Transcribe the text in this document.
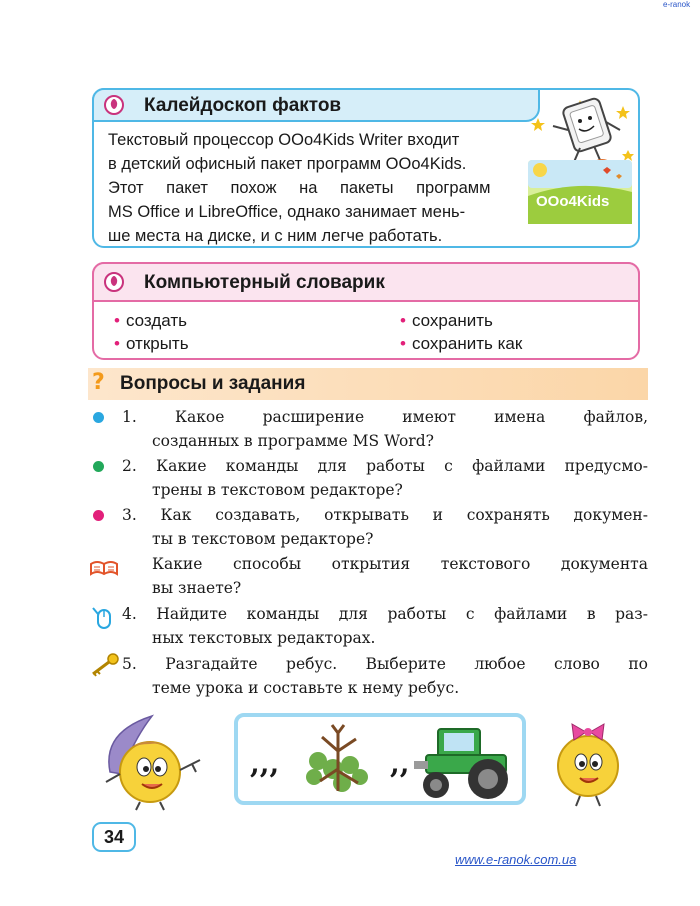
e-ranok
Калейдоскоп фактов
Текстовый процессор OOo4Kids Writer входит
в детский офисный пакет программ OOo4Kids.
Этот пакет похож на пакеты программ
MS Office и LibreOffice, однако занимает мень-
ше места на диске, и с ним легче работать.
OOo4Kids
Компьютерный словарик
• создать
• открыть
• сохранить
• сохранить как
? Вопросы и задания
1. Какое расширение имеют имена файлов,
созданных в программе MS Word?
2. Какие команды для работы с файлами предусмо-
трены в текстовом редакторе?
3. Как создавать, открывать и сохранять докумен-
ты в текстовом редакторе?
Какие способы открытия текстового документа
вы знаете?
4. Найдите команды для работы с файлами в раз-
ных текстовых редакторах.
5. Разгадайте ребус. Выберите любое слово по
теме урока и составьте к нему ребус.
,,,	,,
34
www.e-ranok.com.ua
